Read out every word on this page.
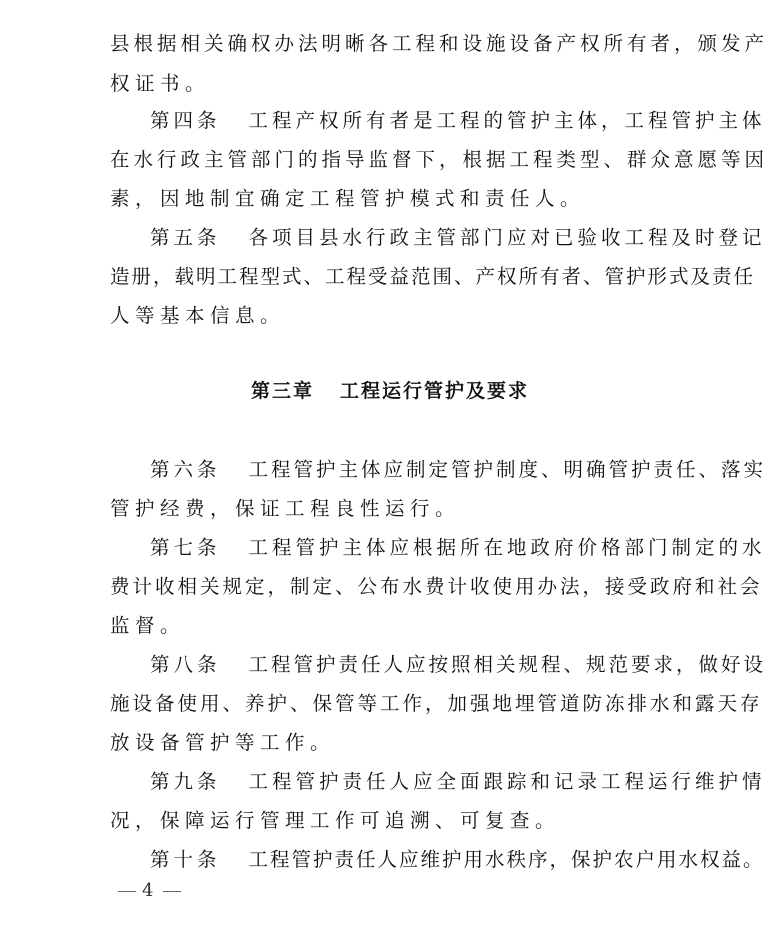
县根据相关确权办法明晰各工程和设施设备产权所有者，颁发产
权证书。
第四条 工程产权所有者是工程的管护主体，工程管护主体
在水行政主管部门的指导监督下，根据工程类型、群众意愿等因
素，因地制宜确定工程管护模式和责任人。
第五条 各项目县水行政主管部门应对已验收工程及时登记
造册，载明工程型式、工程受益范围、产权所有者、管护形式及责任
人等基本信息。
第三章 工程运行管护及要求
第六条 工程管护主体应制定管护制度、明确管护责任、落实
管护经费，保证工程良性运行。
第七条 工程管护主体应根据所在地政府价格部门制定的水
费计收相关规定，制定、公布水费计收使用办法，接受政府和社会
监督。
第八条 工程管护责任人应按照相关规程、规范要求，做好设
施设备使用、养护、保管等工作，加强地埋管道防冻排水和露天存
放设备管护等工作。
第九条 工程管护责任人应全面跟踪和记录工程运行维护情
况，保障运行管理工作可追溯、可复查。
第十条 工程管护责任人应维护用水秩序，保护农户用水权益。
4
